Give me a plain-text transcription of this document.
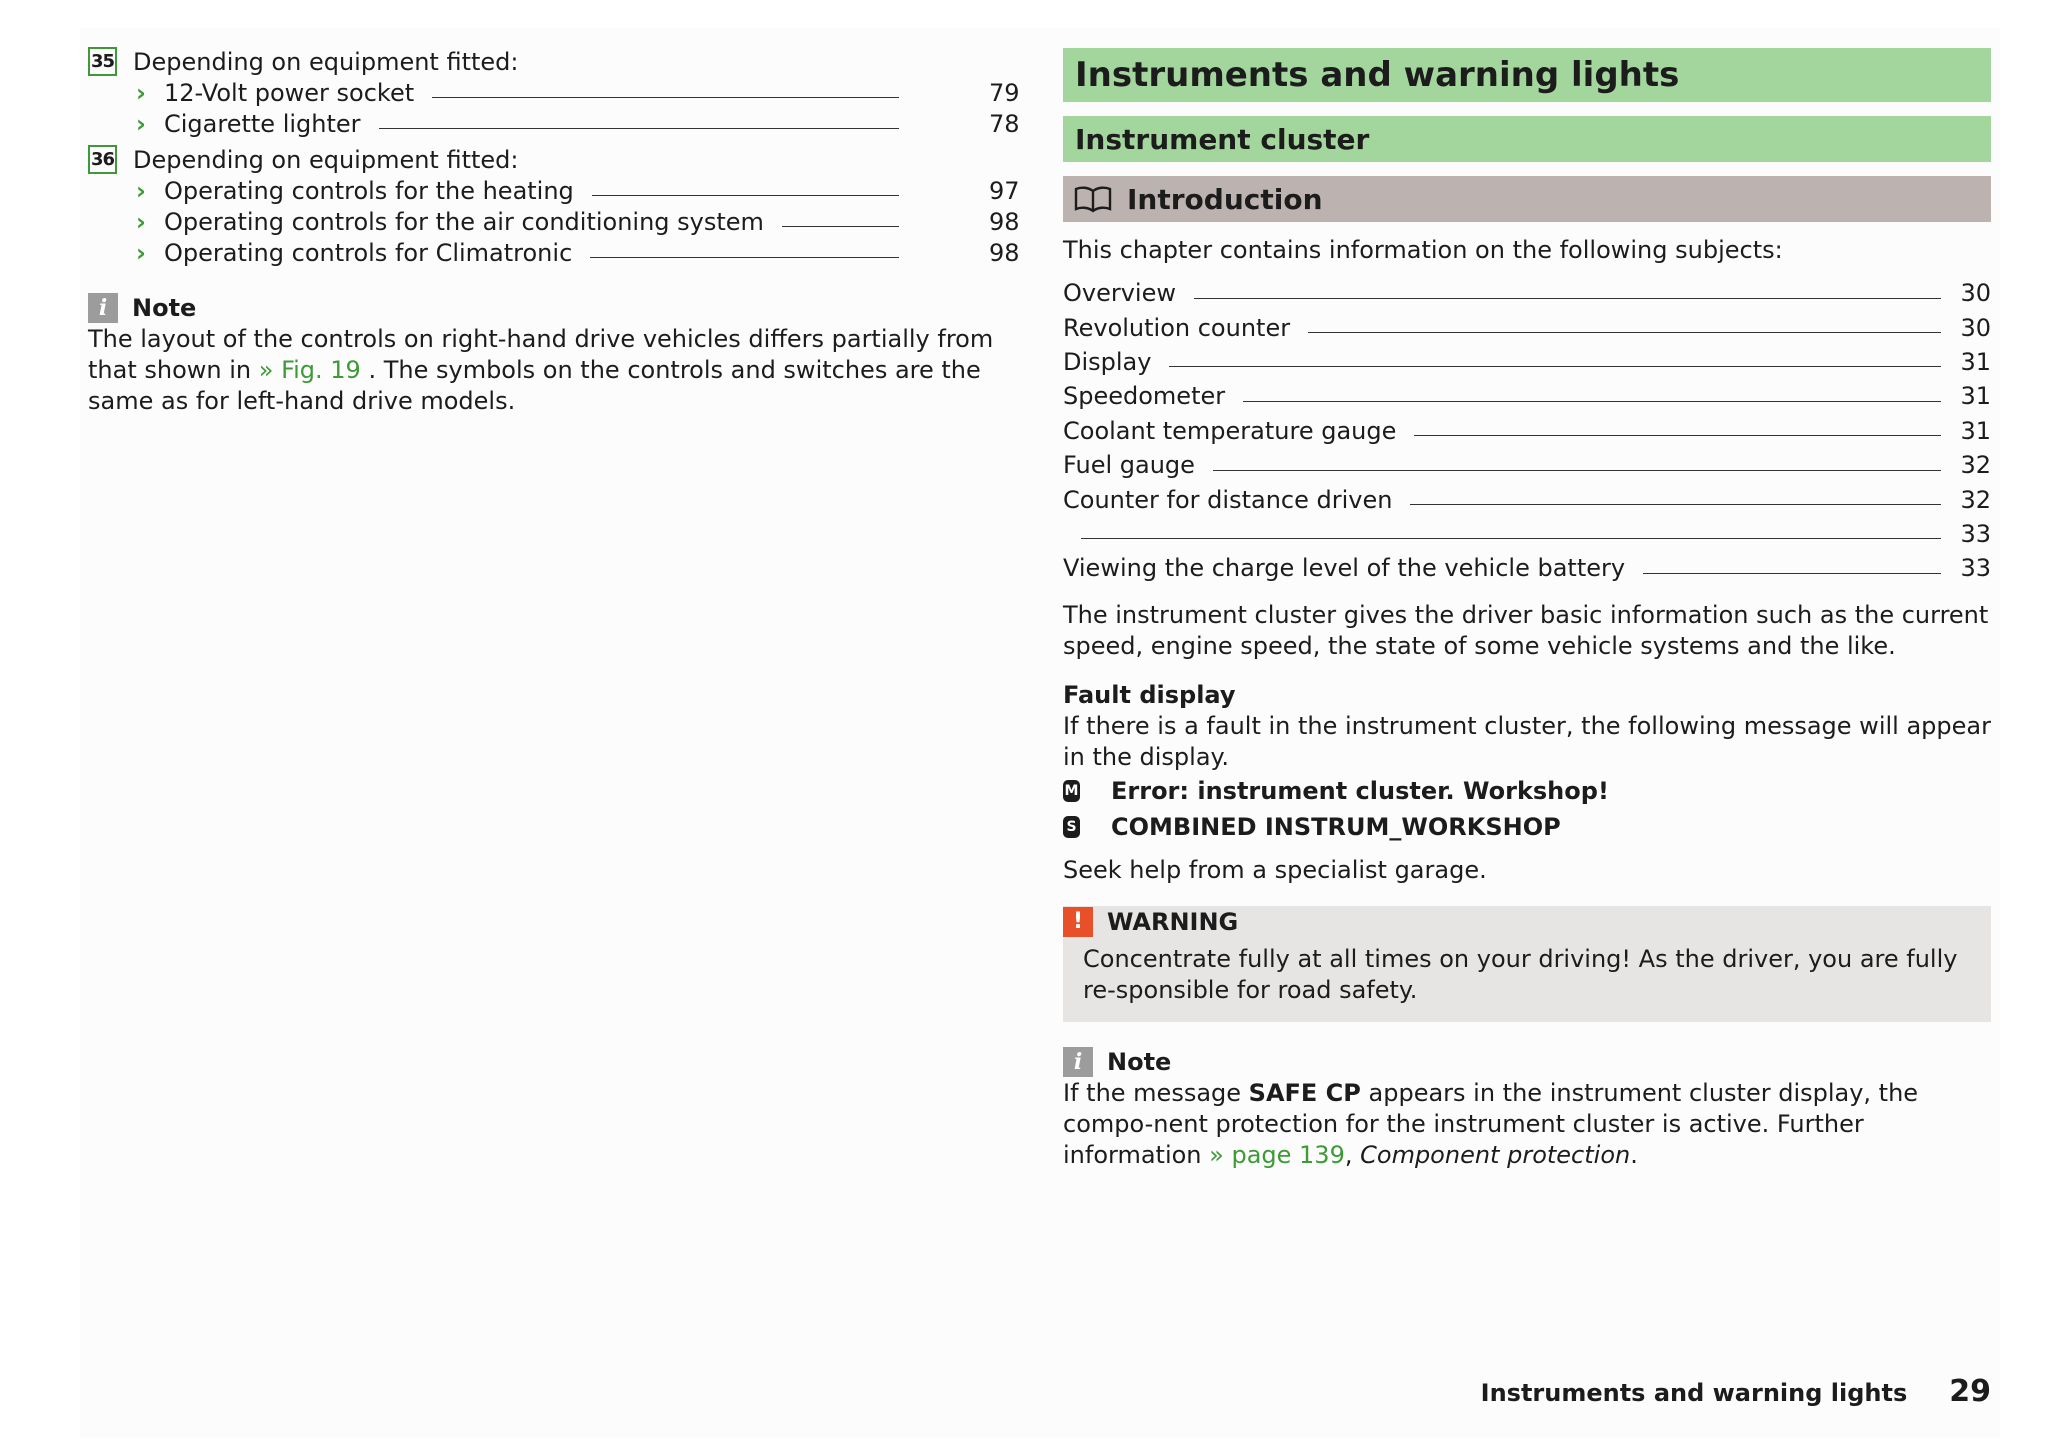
35 Depending on equipment fitted:
› 12-Volt power socket	79
› Cigarette lighter	78
36 Depending on equipment fitted:
› Operating controls for the heating	97
› Operating controls for the air conditioning system	98
› Operating controls for Climatronic	98
i	Note
The layout of the controls on right-hand drive vehicles differs partially from that shown in » Fig. 19 . The symbols on the controls and switches are the same as for left-hand drive models.
Instruments and warning lights
Instrument cluster
Introduction
This chapter contains information on the following subjects:
Overview	30
Revolution counter	30
Display	31
Speedometer	31
Coolant temperature gauge	31
Fuel gauge	32
Counter for distance driven	32
33
Viewing the charge level of the vehicle battery	33
The instrument cluster gives the driver basic information such as the current speed, engine speed, the state of some vehicle systems and the like.
Fault display
If there is a fault in the instrument cluster, the following message will appear in the display.
M Error: instrument cluster. Workshop!
S COMBINED INSTRUM_WORKSHOP
Seek help from a specialist garage.
! WARNING
Concentrate fully at all times on your driving! As the driver, you are fully re-sponsible for road safety.
i	Note
If the message SAFE CP appears in the instrument cluster display, the compo-nent protection for the instrument cluster is active. Further information » page 139, Component protection.
Instruments and warning lights 29
